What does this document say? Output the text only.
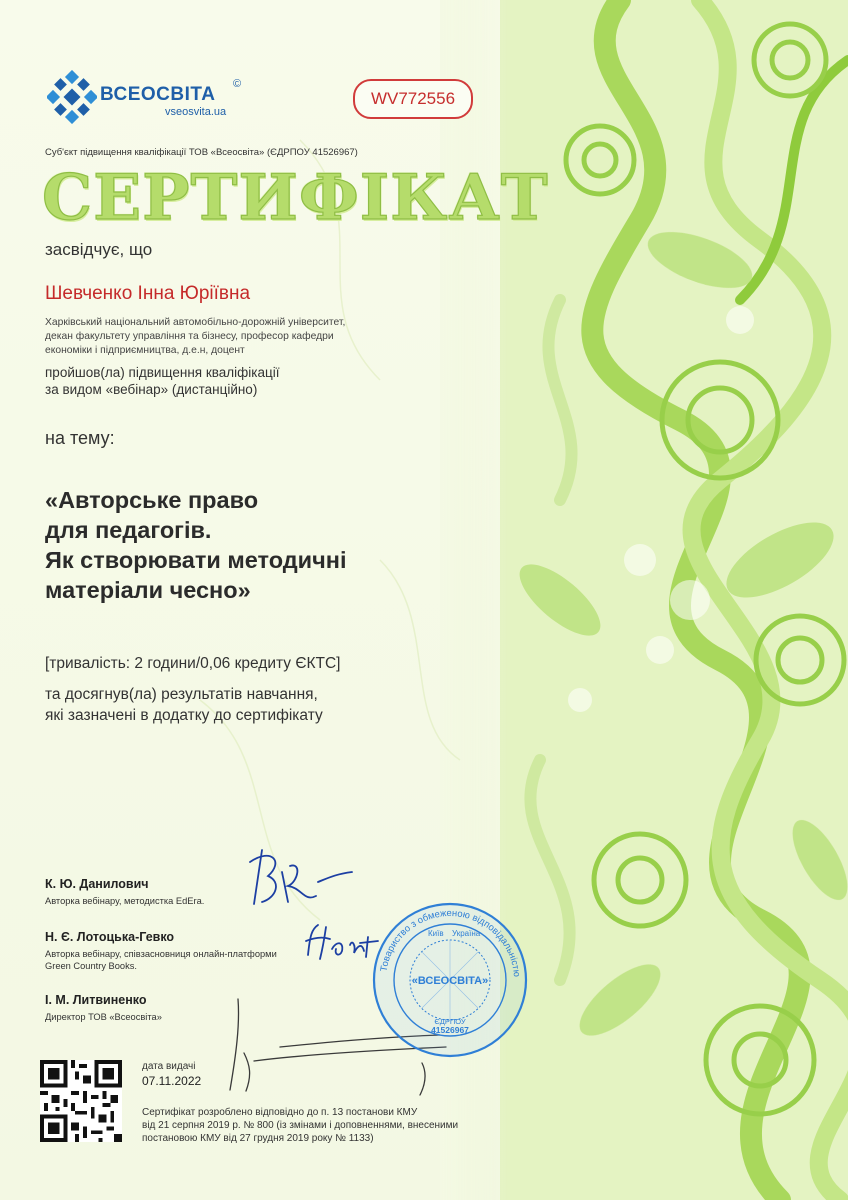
ВСЕОСВІТА ©
vseosvita.ua
WV772556
Суб'єкт підвищення кваліфікації ТОВ «Всеосвіта» (ЄДРПОУ 41526967)
СЕРТИФІКАТ
засвідчує, що
Шевченко Інна Юріївна
Харківський національний автомобільно-дорожній університет,
декан факультету управління та бізнесу, професор кафедри
економіки і підприємництва, д.е.н, доцент
пройшов(ла) підвищення кваліфікації
за видом «вебінар» (дистанційно)
на тему:
«Авторське право
для педагогів.
Як створювати методичні
матеріали чесно»
[тривалість: 2 години/0,06 кредиту ЄКТС]
та досягнув(ла) результатів навчання,
які зазначені в додатку до сертифікату
К. Ю. Данилович
Авторка вебінару, методистка EdEra.
Н. Є. Лотоцька-Гевко
Авторка вебінару, співзасновниця онлайн-платформи
Green Country Books.
І. М. Литвиненко
Директор ТОВ «Всеосвіта»
Товариство з обмеженою відповідальністю
Київ Україна
«ВСЕОСВІТА»
ЄДРПОУ
41526967
дата видачі
07.11.2022
Сертифікат розроблено відповідно до п. 13 постанови КМУ
від 21 серпня 2019 р. № 800 (із змінами і доповненнями, внесеними
постановою КМУ від 27 грудня 2019 року № 1133)
